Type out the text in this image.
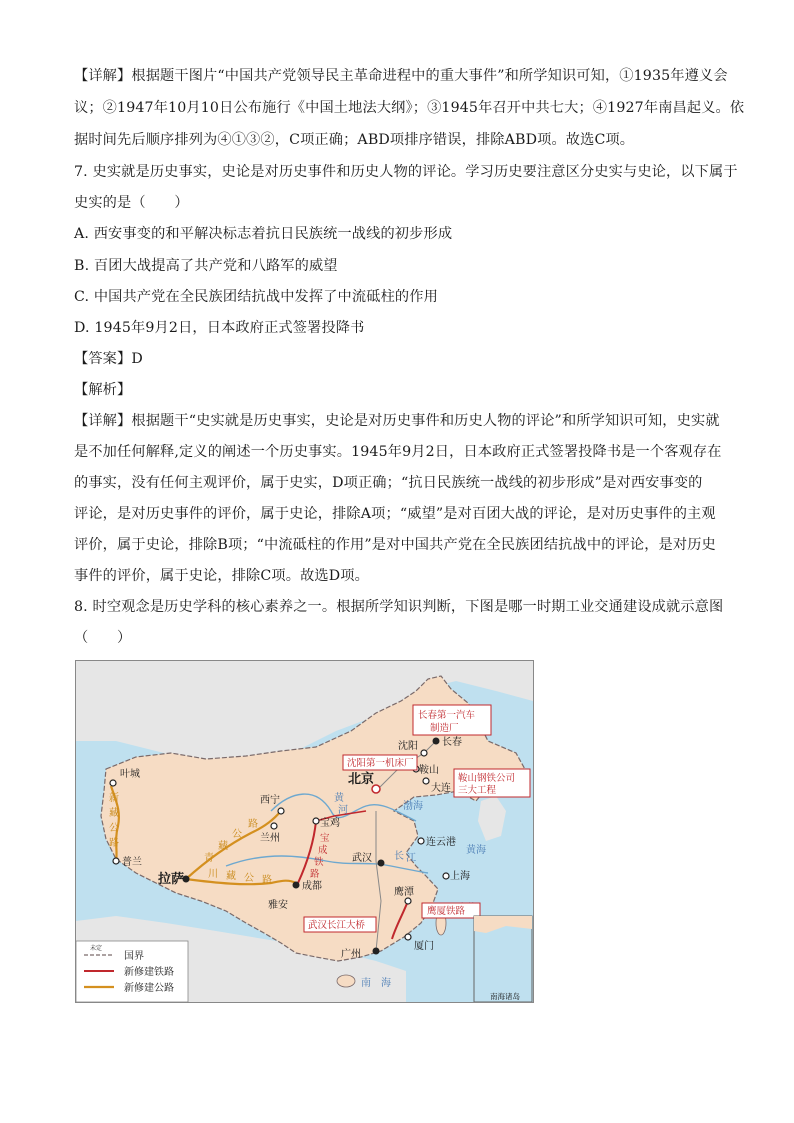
【详解】根据题干图片“中国共产党领导民主革命进程中的重大事件”和所学知识可知，①1935年遵义会
议；②1947年10月10日公布施行《中国土地法大纲》；③1945年召开中共七大；④1927年南昌起义。依
据时间先后顺序排列为④①③②，C项正确；ABD项排序错误，排除ABD项。故选C项。
7. 史实就是历史事实，史论是对历史事件和历史人物的评论。学习历史要注意区分史实与史论，以下属于
史实的是（　　）
A. 西安事变的和平解决标志着抗日民族统一战线的初步形成
B. 百团大战提高了共产党和八路军的威望
C. 中国共产党在全民族团结抗战中发挥了中流砥柱的作用
D. 1945年9月2日，日本政府正式签署投降书
【答案】D
【解析】
【详解】根据题干“史实就是历史事实，史论是对历史事件和历史人物的评论”和所学知识可知，史实就
是不加任何解释,定义的阐述一个历史事实。1945年9月2日，日本政府正式签署投降书是一个客观存在
的事实，没有任何主观评价，属于史实，D项正确；“抗日民族统一战线的初步形成”是对西安事变的
评论，是对历史事件的评价，属于史论，排除A项；“威望”是对百团大战的评论，是对历史事件的主观
评价，属于史论，排除B项；“中流砥柱的作用”是对中国共产党在全民族团结抗战中的评论，是对历史
事件的评价，属于史论，排除C项。故选D项。
8. 时空观念是历史学科的核心素养之一。根据所学知识判断，下图是哪一时期工业交通建设成就示意图
（　　）
叶城
普兰
拉萨
雅安
成都
西宁
兰州
宝鸡
北京
沈阳 长春
鞍山
大连
连云港
武汉
上海
鹰潭
厦门
广州
新
藏
公
路
青
藏
公
路
川 藏 公 路
宝
成
铁
路
长 江
黄
河	渤海
黄海
南　海
长春第一汽车
制造厂
沈阳第一机床厂
鞍山钢铁公司
三大工程
武汉长江大桥
鹰厦铁路
南海诸岛
未定
国界
新修建铁路
新修建公路
